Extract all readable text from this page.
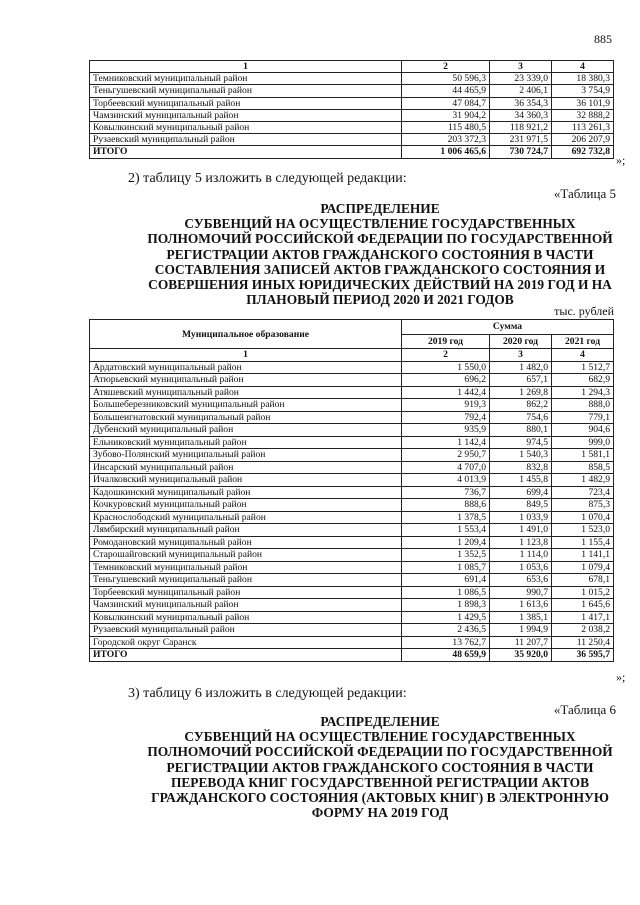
885
1	2	3	4
Темниковский муниципальный район	50 596,3	23 339,0	18 380,3
Теньгушевский муниципальный район	44 465,9	2 406,1	3 754,9
Торбеевский муниципальный район	47 084,7	36 354,3	36 101,9
Чамзинский муниципальный район	31 904,2	34 360,3	32 888,2
Ковылкинский муниципальный район	115 480,5	118 921,2	113 261,3
Рузаевский муниципальный район	203 372,3	231 971,5	206 207,9
ИТОГО	1 006 465,6	730 724,7	692 732,8
»;
2) таблицу 5 изложить в следующей редакции:
«Таблица 5
РАСПРЕДЕЛЕНИЕ
СУБВЕНЦИЙ НА ОСУЩЕСТВЛЕНИЕ ГОСУДАРСТВЕННЫХ
ПОЛНОМОЧИЙ РОССИЙСКОЙ ФЕДЕРАЦИИ ПО ГОСУДАРСТВЕННОЙ
РЕГИСТРАЦИИ АКТОВ ГРАЖДАНСКОГО СОСТОЯНИЯ В ЧАСТИ
СОСТАВЛЕНИЯ ЗАПИСЕЙ АКТОВ ГРАЖДАНСКОГО СОСТОЯНИЯ И
СОВЕРШЕНИЯ ИНЫХ ЮРИДИЧЕСКИХ ДЕЙСТВИЙ НА 2019 ГОД И НА
ПЛАНОВЫЙ ПЕРИОД 2020 И 2021 ГОДОВ
тыс. рублей
Муниципальное образование	Сумма		
	2019 год	2020 год	2021 год
1	2	3	4
Ардатовский муниципальный район	1 550,0	1 482,0	1 512,7
Атюрьевский муниципальный район	696,2	657,1	682,9
Атяшевский муниципальный район	1 442,4	1 269,8	1 294,3
Большеберезниковский муниципальный район	919,3	862,2	888,0
Большеигнатовский муниципальный район	792,4	754,6	779,1
Дубенский муниципальный район	935,9	880,1	904,6
Ельниковский муниципальный район	1 142,4	974,5	999,0
Зубово-Полянский муниципальный район	2 950,7	1 540,3	1 581,1
Инсарский муниципальный район	4 707,0	832,8	858,5
Ичалковский муниципальный район	4 013,9	1 455,8	1 482,9
Кадошкинский муниципальный район	736,7	699,4	723,4
Кочкуровский муниципальный район	888,6	849,5	875,3
Краснослободский муниципальный район	1 378,5	1 033,9	1 070,4
Лямбирский муниципальный район	1 553,4	1 491,0	1 523,0
Ромодановский муниципальный район	1 209,4	1 123,8	1 155,4
Старошайговский муниципальный район	1 352,5	1 114,0	1 141,1
Темниковский муниципальный район	1 085,7	1 053,6	1 079,4
Теньгушевский муниципальный район	691,4	653,6	678,1
Торбеевский муниципальный район	1 086,5	990,7	1 015,2
Чамзинский муниципальный район	1 898,3	1 613,6	1 645,6
Ковылкинский муниципальный район	1 429,5	1 385,1	1 417,1
Рузаевский муниципальный район	2 436,5	1 994,9	2 038,2
Городской округ Саранск	13 762,7	11 207,7	11 250,4
ИТОГО	48 659,9	35 920,0	36 595,7
»;
3) таблицу 6 изложить в следующей редакции:
«Таблица 6
РАСПРЕДЕЛЕНИЕ
СУБВЕНЦИЙ НА ОСУЩЕСТВЛЕНИЕ ГОСУДАРСТВЕННЫХ
ПОЛНОМОЧИЙ РОССИЙСКОЙ ФЕДЕРАЦИИ ПО ГОСУДАРСТВЕННОЙ
РЕГИСТРАЦИИ АКТОВ ГРАЖДАНСКОГО СОСТОЯНИЯ В ЧАСТИ
ПЕРЕВОДА КНИГ ГОСУДАРСТВЕННОЙ РЕГИСТРАЦИИ АКТОВ
ГРАЖДАНСКОГО СОСТОЯНИЯ (АКТОВЫХ КНИГ) В ЭЛЕКТРОННУЮ
ФОРМУ НА 2019 ГОД
